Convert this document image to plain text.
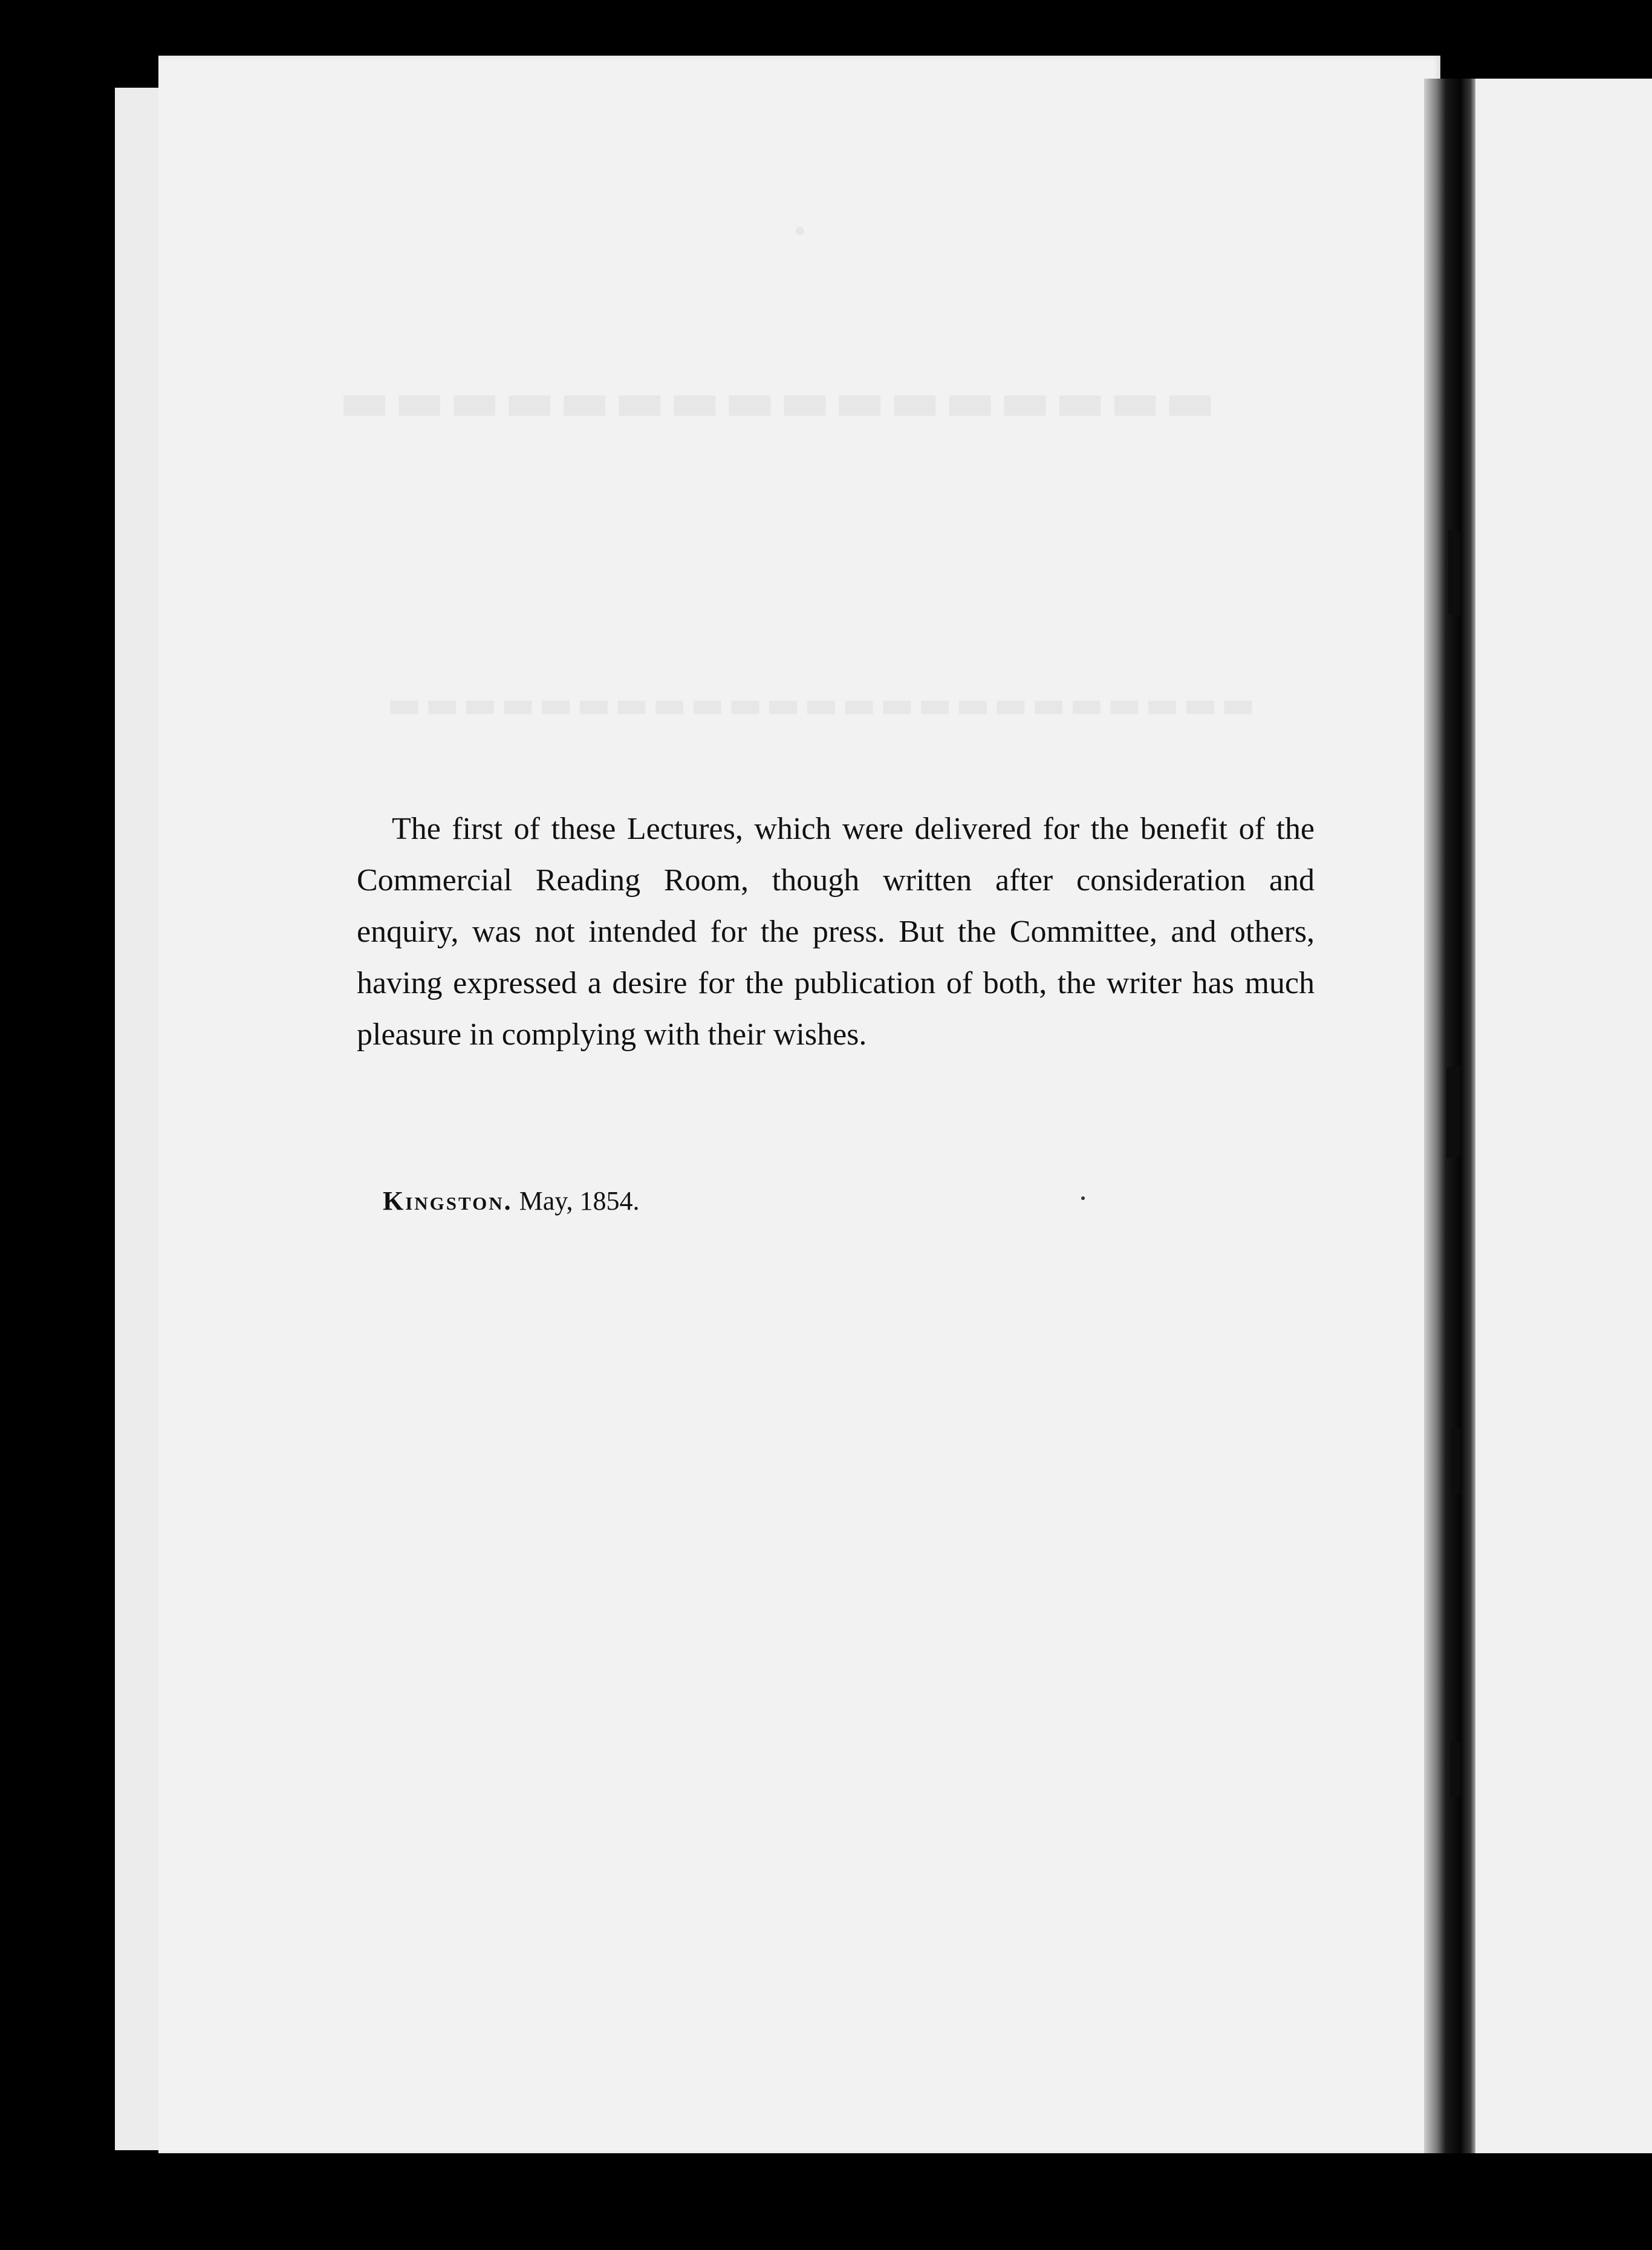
•
▬▬▬▬▬▬▬▬▬▬▬▬▬▬▬▬
▬▬▬▬▬▬▬▬▬▬▬▬▬▬▬▬▬▬▬▬▬▬▬

The first of these Lectures, which were delivered for the benefit of the Commercial Reading Room, though written after consideration and enquiry, was not intended for the press. But the Committee, and others, having expressed a desire for the publication of both, the writer has much pleasure in complying with their wishes.

Kingston. May, 1854.
